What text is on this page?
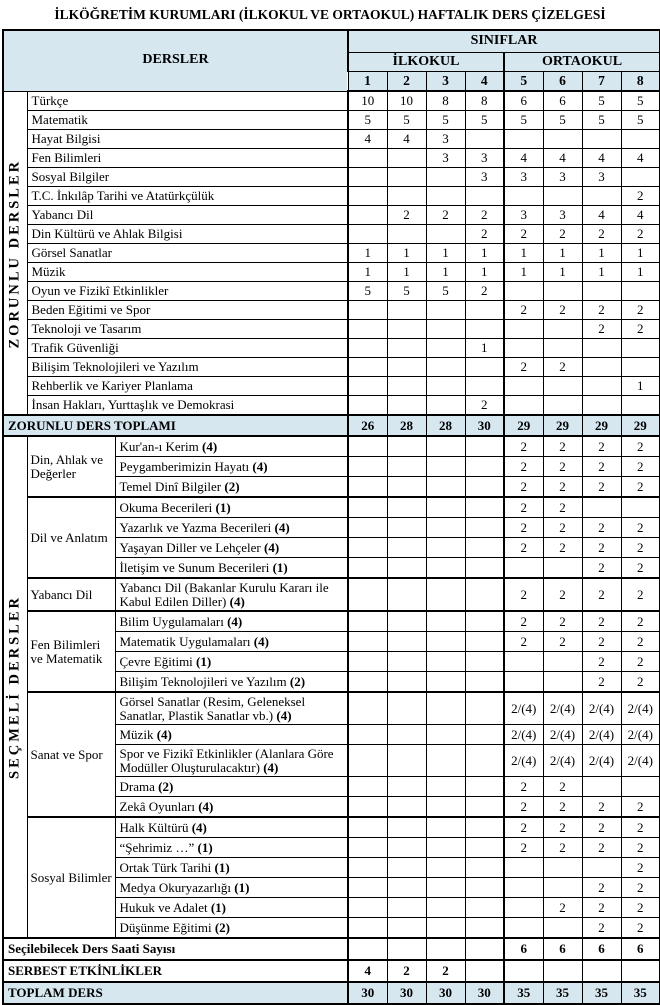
İLKÖĞRETİM KURUMLARI (İLKOKUL VE ORTAOKUL) HAFTALIK DERS ÇİZELGESİ
DERSLER			SINIFLAR							
			İLKOKUL				ORTAOKUL			
			1	2	3	4	5	6	7	8

ZORUNLU DERSLER	Türkçe		10	10	8	8	6	6	5	5
	Matematik		5	5	5	5	5	5	5	5
	Hayat Bilgisi		4	4	3					
	Fen Bilimleri				3	3	4	4	4	4
	Sosyal Bilgiler					3	3	3	3	
	T.C. İnkılâp Tarihi ve Atatürkçülük									2
	Yabancı Dil			2	2	2	3	3	4	4
	Din Kültürü ve Ahlak Bilgisi					2	2	2	2	2
	Görsel Sanatlar		1	1	1	1	1	1	1	1
	Müzik		1	1	1	1	1	1	1	1
	Oyun ve Fizikî Etkinlikler		5	5	5	2				
	Beden Eğitimi ve Spor						2	2	2	2
	Teknoloji ve Tasarım								2	2
	Trafik Güvenliği					1				
	Bilişim Teknolojileri ve Yazılım						2	2		
	Rehberlik ve Kariyer Planlama									1
	İnsan Hakları, Yurttaşlık ve Demokrasi					2				
ZORUNLU DERS TOPLAMI			26	28	28	30	29	29	29	29

SEÇMELİ DERSLER	Din, Ahlak ve Değerler	Kur'an-ı Kerim (4)					2	2	2	2
		Peygamberimizin Hayatı (4)					2	2	2	2
		Temel Dinî Bilgiler (2)					2	2	2	2
	Dil ve Anlatım	Okuma Becerileri (1)					2	2		
		Yazarlık ve Yazma Becerileri (4)					2	2	2	2
		Yaşayan Diller ve Lehçeler (4)					2	2	2	2
		İletişim ve Sunum Becerileri (1)							2	2
	Yabancı Dil	Yabancı Dil (Bakanlar Kurulu Kararı ile Kabul Edilen Diller) (4)					2	2	2	2
	Fen Bilimleri ve Matematik	Bilim Uygulamaları (4)					2	2	2	2
		Matematik Uygulamaları (4)					2	2	2	2
		Çevre Eğitimi (1)							2	2
		Bilişim Teknolojileri ve Yazılım (2)							2	2
	Sanat ve Spor	Görsel Sanatlar (Resim, Geleneksel Sanatlar, Plastik Sanatlar vb.) (4)					2/(4)	2/(4)	2/(4)	2/(4)
		Müzik (4)					2/(4)	2/(4)	2/(4)	2/(4)
		Spor ve Fizikî Etkinlikler (Alanlara Göre Modüller Oluşturulacaktır) (4)					2/(4)	2/(4)	2/(4)	2/(4)
		Drama (2)					2	2		
		Zekâ Oyunları (4)					2	2	2	2
	Sosyal Bilimler	Halk Kültürü (4)					2	2	2	2
		“Şehrimiz …” (1)					2	2	2	2
		Ortak Türk Tarihi (1)								2
		Medya Okuryazarlığı (1)							2	2
		Hukuk ve Adalet (1)						2	2	2
		Düşünme Eğitimi (2)							2	2
Seçilebilecek Ders Saati Sayısı							6	6	6	6
SERBEST ETKİNLİKLER			4	2	2					
TOPLAM DERS			30	30	30	30	35	35	35	35
